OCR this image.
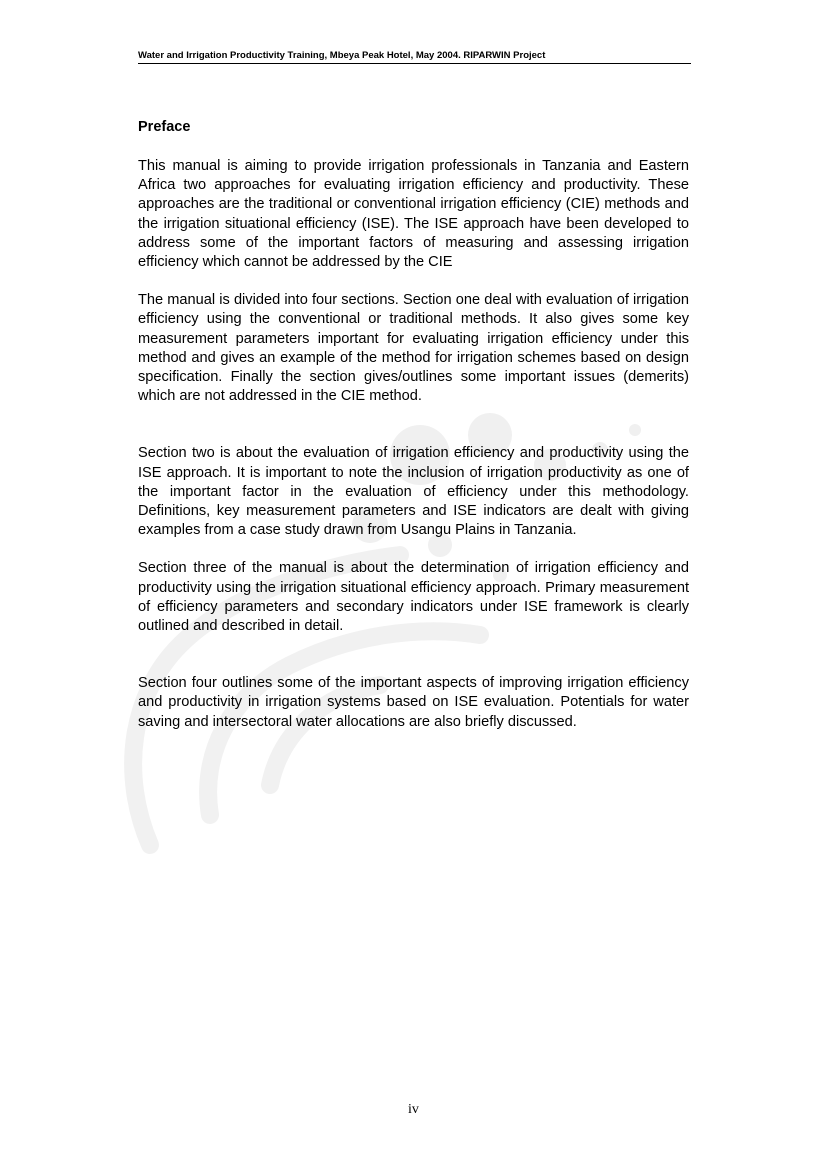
Water and Irrigation Productivity Training, Mbeya Peak Hotel, May 2004. RIPARWIN Project

Preface

This manual is aiming to provide irrigation professionals in Tanzania and Eastern Africa two approaches for evaluating irrigation efficiency and productivity. These approaches are the traditional or conventional irrigation efficiency (CIE) methods and the irrigation situational efficiency (ISE). The ISE approach have been developed to address some of the important factors of measuring and assessing irrigation efficiency which cannot be addressed by the CIE

The manual is divided into four sections. Section one deal with evaluation of irrigation efficiency using the conventional or traditional methods. It also gives some key measurement parameters important for evaluating irrigation efficiency under this method and gives an example of the method for irrigation schemes based on design specification. Finally the section gives/outlines some important issues (demerits) which are not addressed in the CIE method.

Section two is about the evaluation of irrigation efficiency and productivity using the ISE approach. It is important to note the inclusion of irrigation productivity as one of the important factor in the evaluation of efficiency under this methodology. Definitions, key measurement parameters and ISE indicators are dealt with giving examples from a case study drawn from Usangu Plains in Tanzania.

Section three of the manual is about the determination of irrigation efficiency and productivity using the irrigation situational efficiency approach. Primary measurement of efficiency parameters and secondary indicators under ISE framework is clearly outlined and described in detail.

Section four outlines some of the important aspects of improving irrigation efficiency and productivity in irrigation systems based on ISE evaluation. Potentials for water saving and intersectoral water allocations are also briefly discussed.

iv
